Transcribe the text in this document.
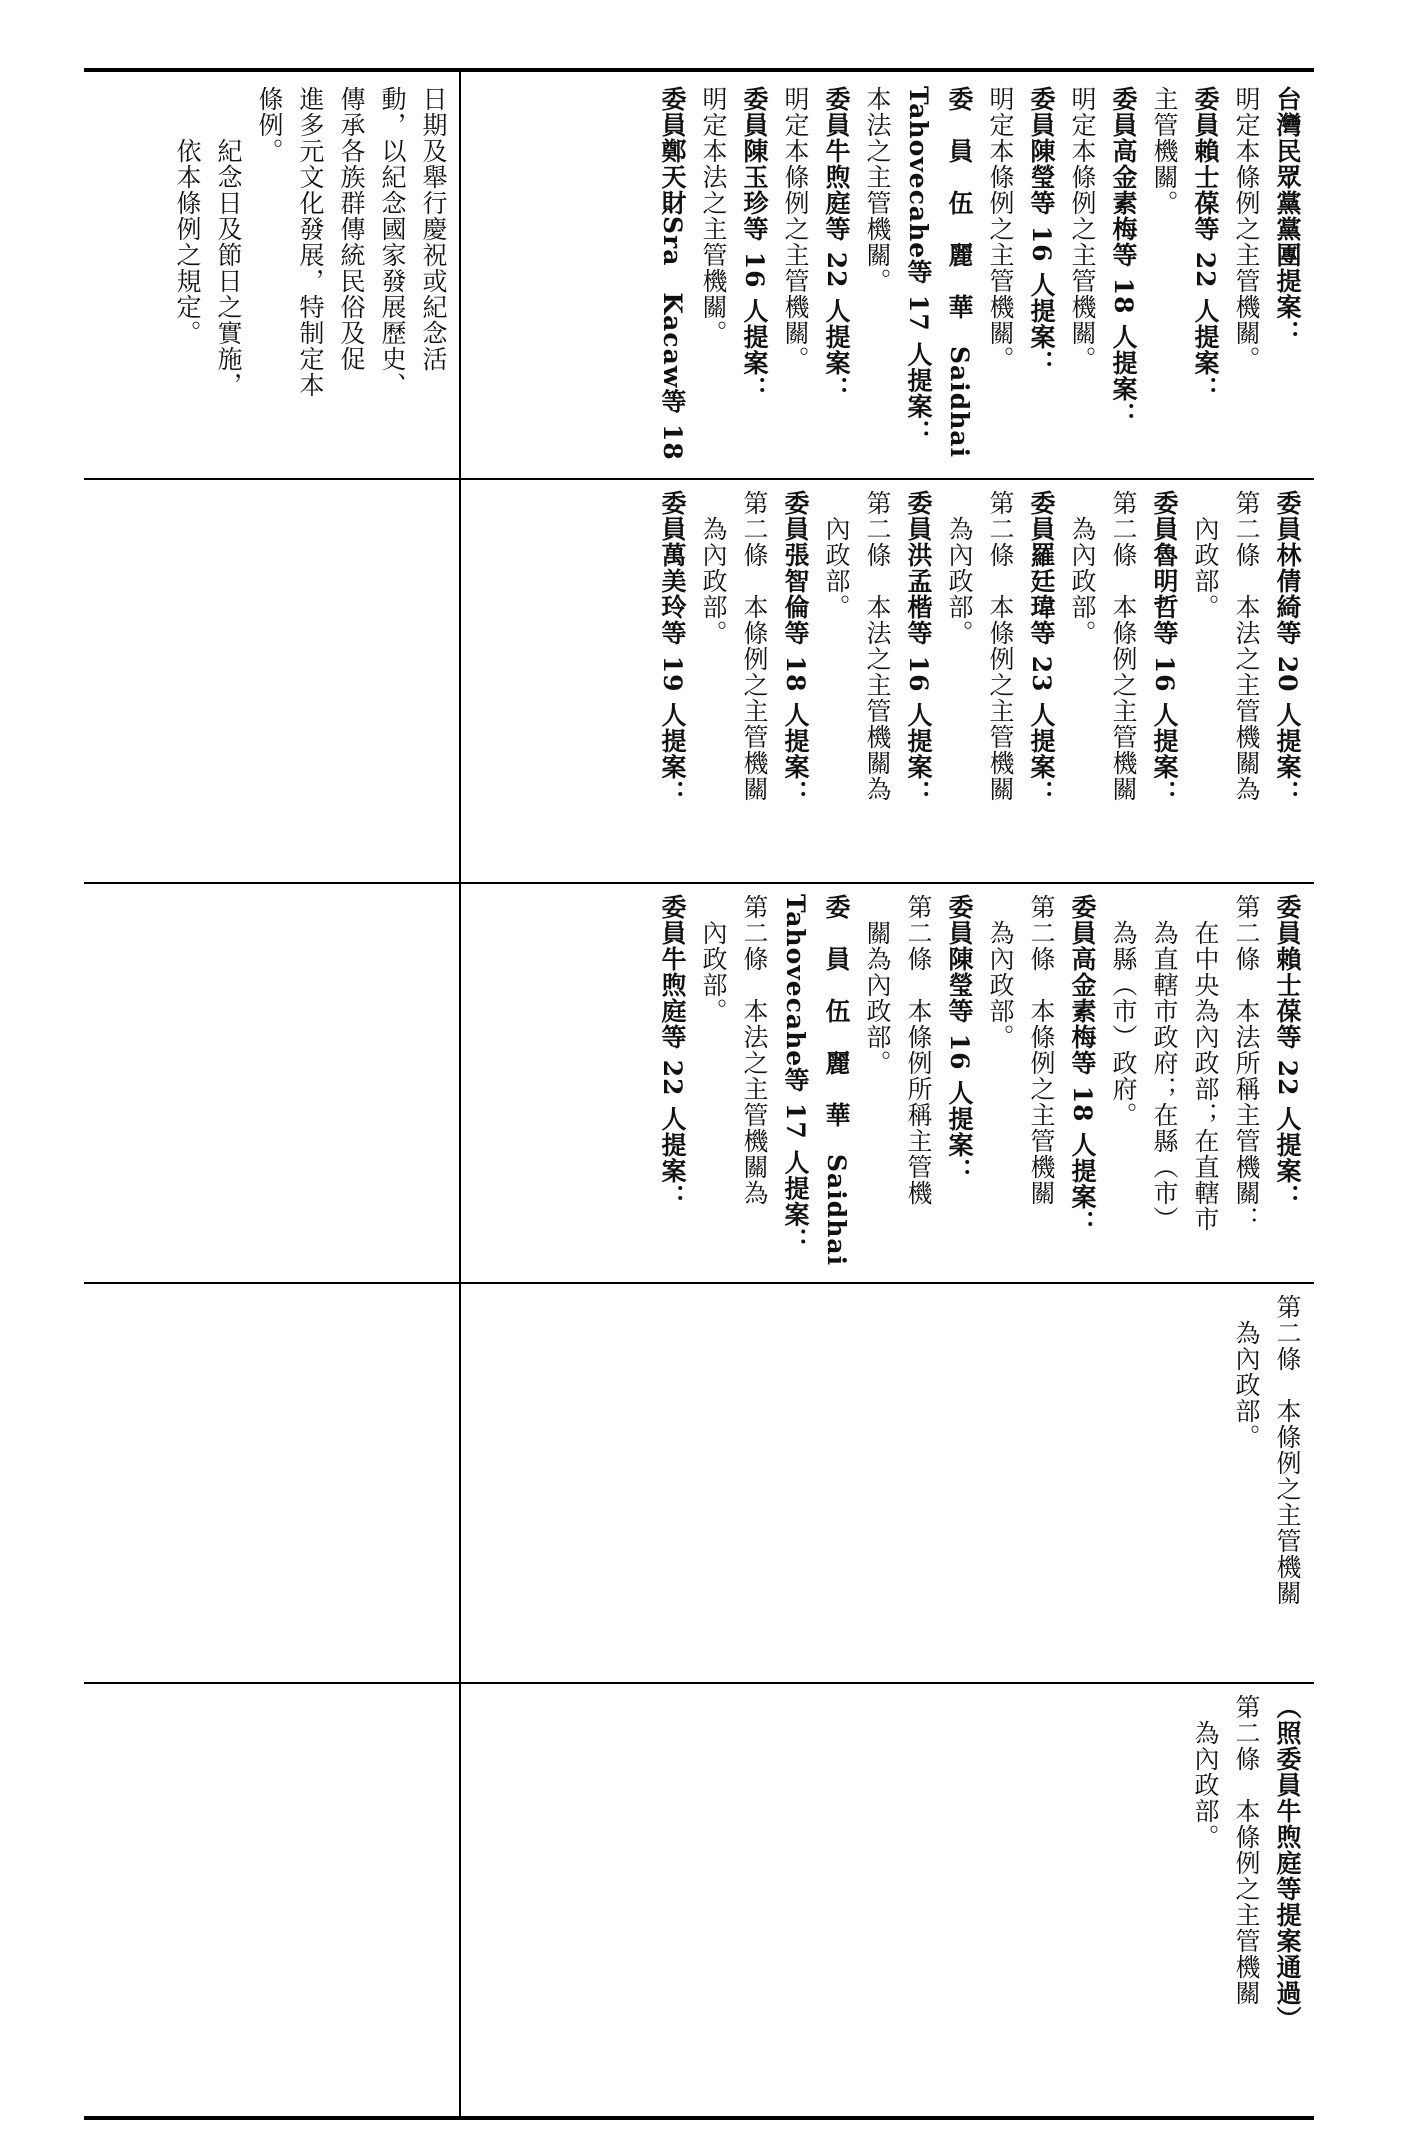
日期及舉行慶祝或紀念活

動，以紀念國家發展歷史、

傳承各族群傳統民俗及促

進多元文化發展，特制定本

條例。

　　紀念日及節日之實施，

　　依本條例之規定。	台灣民眾黨黨團提案：

明定本條例之主管機關。

委員賴士葆等 22 人提案：

主管機關。

委員高金素梅等 18 人提案：

明定本條例之主管機關。

委員陳瑩等 16 人提案：

明定本條例之主管機關。

委　員　伍　麗　華　Saidhai

Tahovecahe等 17 人提案：

本法之主管機關。

委員牛煦庭等 22 人提案：

明定本條例之主管機關。

委員陳玉珍等 16 人提案：

明定本法之主管機關。

委員鄭天財Sra　Kacaw等 18

委員林倩綺等 20 人提案：

第二條　本法之主管機關為

　內政部。

委員魯明哲等 16 人提案：

第二條　本條例之主管機關

　為內政部。

委員羅廷瑋等 23 人提案：

第二條　本條例之主管機關

　為內政部。

委員洪孟楷等 16 人提案：

第二條　本法之主管機關為

　內政部。

委員張智倫等 18 人提案：

第二條　本條例之主管機關

　為內政部。

委員萬美玲等 19 人提案：

委員賴士葆等 22 人提案：

第二條　本法所稱主管機關：

　在中央為內政部；在直轄市

　為直轄市政府；在縣（市）

　為縣（市）政府。

委員高金素梅等 18 人提案：

第二條　本條例之主管機關

　為內政部。

委員陳瑩等 16 人提案：

第二條　本條例所稱主管機

　關為內政部。

委　員　伍　麗　華　Saidhai

Tahovecahe等 17 人提案：

第二條　本法之主管機關為

　內政部。

委員牛煦庭等 22 人提案：

第二條　本條例之主管機關

　為內政部。

（照委員牛煦庭等提案通過）

第二條　本條例之主管機關

　為內政部。
